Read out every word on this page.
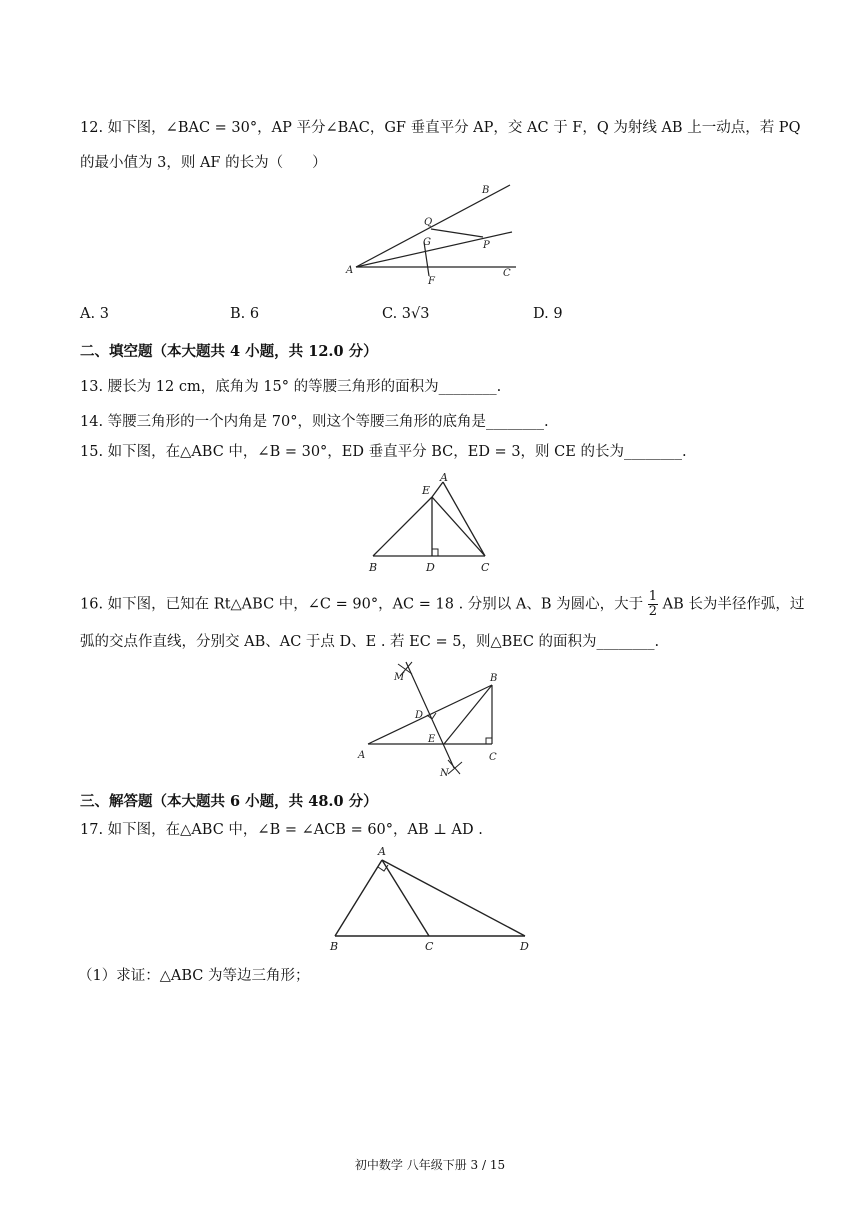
12. 如下图，∠BAC = 30°，AP 平分∠BAC，GF 垂直平分 AP，交 AC 于 F，Q 为射线 AB 上一动点，若 PQ
的最小值为 3，则 AF 的长为（　　）
B
Q
G	P
A	C
F
A. 3	B. 6	C. 3√3	D. 9
二、填空题（本大题共 4 小题，共 12.0 分）
13. 腰长为 12 cm，底角为 15° 的等腰三角形的面积为________.
14. 等腰三角形的一个内角是 70°，则这个等腰三角形的底角是________.
15. 如下图，在△ABC 中，∠B = 30°，ED 垂直平分 BC，ED = 3，则 CE 的长为________.
E
A
B	D	C
16. 如下图，已知在 Rt△ABC 中，∠C = 90°，AC = 18 . 分别以 A、B 为圆心，大于 $\frac{1}{2}$ AB 长为半径作弧，过
弧的交点作直线，分别交 AB、AC 于点 D、E . 若 EC = 5，则△BEC 的面积为________.
M	B
D
E
A	C
N
三、解答题（本大题共 6 小题，共 48.0 分）
17. 如下图，在△ABC 中，∠B = ∠ACB = 60°，AB ⊥ AD .
A
B	C	D
（1）求证：△ABC 为等边三角形；
初中数学 八年级下册 3 / 15
